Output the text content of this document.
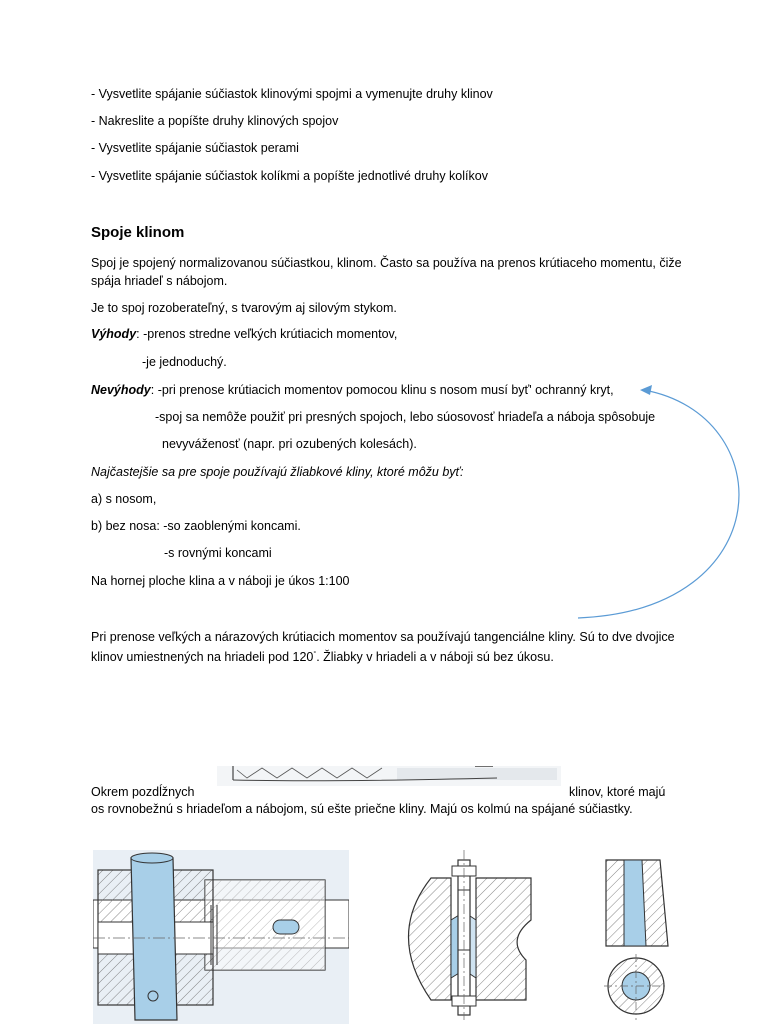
- Vysvetlite spájanie súčiastok klinovými spojmi a vymenujte druhy klinov
- Nakreslite a popíšte druhy klinových spojov
- Vysvetlite spájanie súčiastok perami
- Vysvetlite spájanie súčiastok kolíkmi a popíšte jednotlivé druhy kolíkov
Spoje klinom
Spoj je spojený normalizovanou súčiastkou, klinom. Často sa používa na prenos krútiaceho momentu, čiže spája hriadeľ s nábojom.
Je to spoj rozoberateľný, s tvarovým aj silovým stykom.
Výhody: -prenos stredne veľkých krútiacich momentov,
-je jednoduchý.
Nevýhody: -pri prenose krútiacich momentov pomocou klinu s nosom musí byť' ochranný kryt,
-spoj sa nemôže použiť pri presných spojoch, lebo súosovosť hriadeľa a náboja spôsobuje
nevyváženosť (napr. pri ozubených kolesách).
Najčastejšie sa pre spoje používajú žliabkové kliny, ktoré môžu byť:
a) s nosom,
b) bez nosa: -so zaoblenými koncami.
-s rovnými koncami
Na hornej ploche klina a v náboji je úkos 1:100
Pri prenose veľkých a nárazových krútiacich momentov sa používajú tangenciálne kliny. Sú to dve dvojice klinov umiestnených na hriadeli pod 120°. Žliabky v hriadeli a v náboji sú bez úkosu.
Okrem pozdĺžnych	klinov, ktoré majú
os rovnobežnú s hriadeľom a nábojom, sú ešte priečne kliny. Majú os kolmú na spájané súčiastky.
